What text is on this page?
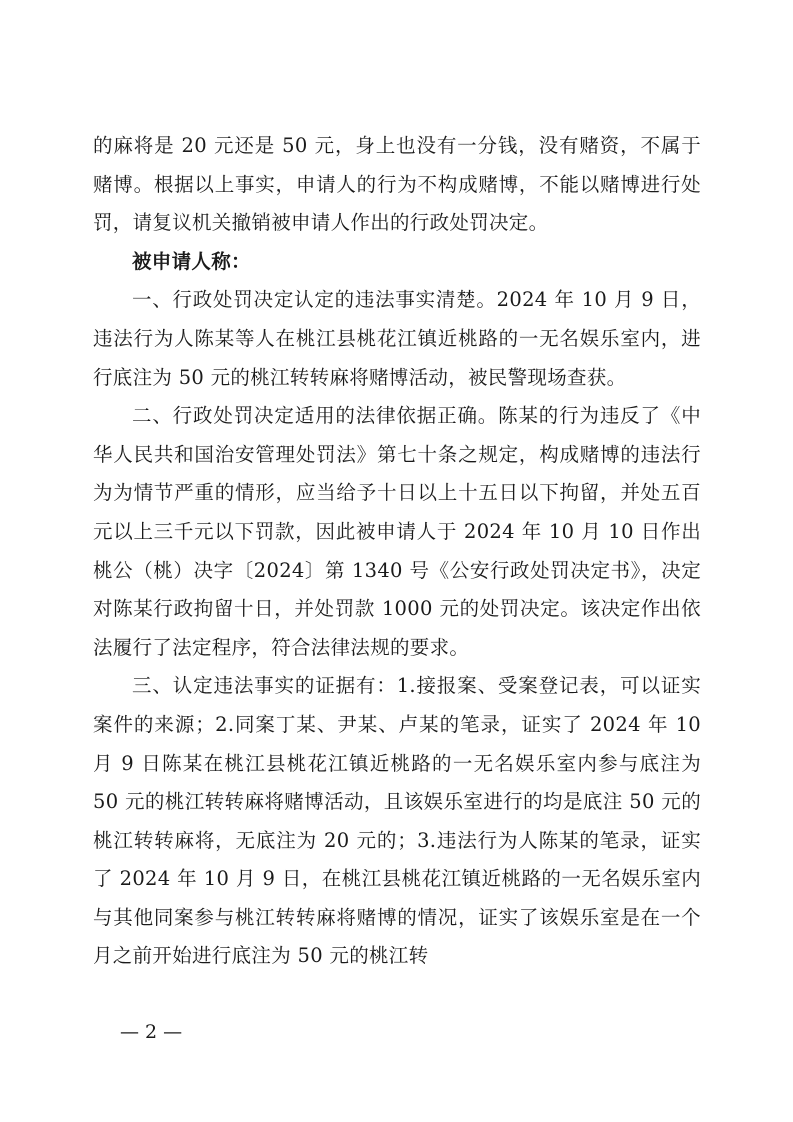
的麻将是 20 元还是 50 元，身上也没有一分钱，没有赌资，不属于赌博。根据以上事实，申请人的行为不构成赌博，不能以赌博进行处罚，请复议机关撤销被申请人作出的行政处罚决定。

被申请人称：

一、行政处罚决定认定的违法事实清楚。2024 年 10 月 9 日，违法行为人陈某等人在桃江县桃花江镇近桃路的一无名娱乐室内，进行底注为 50 元的桃江转转麻将赌博活动，被民警现场查获。

二、行政处罚决定适用的法律依据正确。陈某的行为违反了《中华人民共和国治安管理处罚法》第七十条之规定，构成赌博的违法行为为情节严重的情形，应当给予十日以上十五日以下拘留，并处五百元以上三千元以下罚款，因此被申请人于 2024 年 10 月 10 日作出桃公（桃）决字〔2024〕第 1340 号《公安行政处罚决定书》，决定对陈某行政拘留十日，并处罚款 1000 元的处罚决定。该决定作出依法履行了法定程序，符合法律法规的要求。

三、认定违法事实的证据有：1.接报案、受案登记表，可以证实案件的来源；2.同案丁某、尹某、卢某的笔录，证实了 2024 年 10 月 9 日陈某在桃江县桃花江镇近桃路的一无名娱乐室内参与底注为 50 元的桃江转转麻将赌博活动，且该娱乐室进行的均是底注 50 元的桃江转转麻将，无底注为 20 元的；3.违法行为人陈某的笔录，证实了 2024 年 10 月 9 日，在桃江县桃花江镇近桃路的一无名娱乐室内与其他同案参与桃江转转麻将赌博的情况，证实了该娱乐室是在一个月之前开始进行底注为 50 元的桃江转

— 2 —
